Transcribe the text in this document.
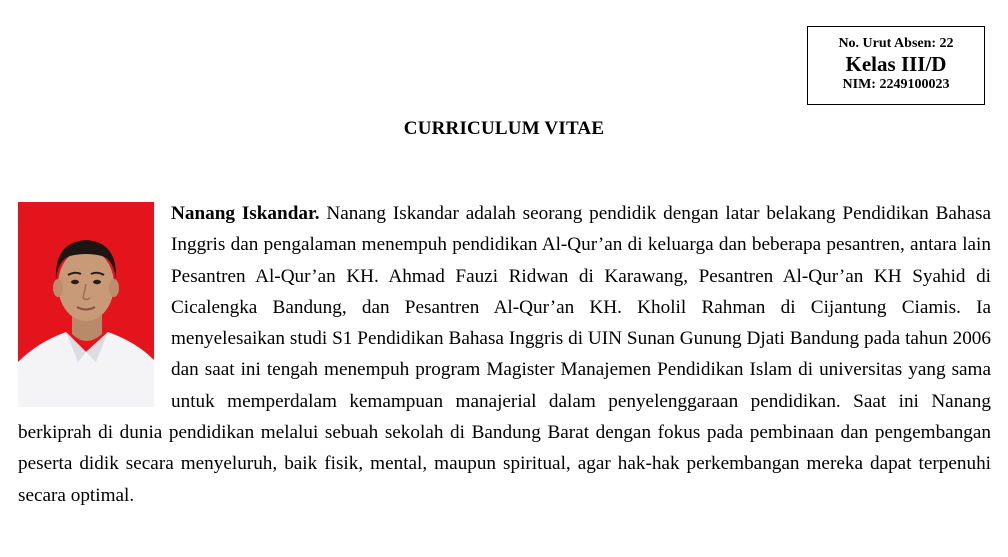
No. Urut Absen: 22
Kelas III/D
NIM: 2249100023
CURRICULUM VITAE
Nanang Iskandar. Nanang Iskandar adalah seorang pendidik dengan latar belakang Pendidikan Bahasa Inggris dan pengalaman menempuh pendidikan Al-Qur’an di keluarga dan beberapa pesantren, antara lain Pesantren Al-Qur’an KH. Ahmad Fauzi Ridwan di Karawang, Pesantren Al-Qur’an KH Syahid di Cicalengka Bandung, dan Pesantren Al-Qur’an KH. Kholil Rahman di Cijantung Ciamis. Ia menyelesaikan studi S1 Pendidikan Bahasa Inggris di UIN Sunan Gunung Djati Bandung pada tahun 2006 dan saat ini tengah menempuh program Magister Manajemen Pendidikan Islam di universitas yang sama untuk memperdalam kemampuan manajerial dalam penyelenggaraan pendidikan. Saat ini Nanang berkiprah di dunia pendidikan melalui sebuah sekolah di Bandung Barat dengan fokus pada pembinaan dan pengembangan peserta didik secara menyeluruh, baik fisik, mental, maupun spiritual, agar hak-hak perkembangan mereka dapat terpenuhi secara optimal.
